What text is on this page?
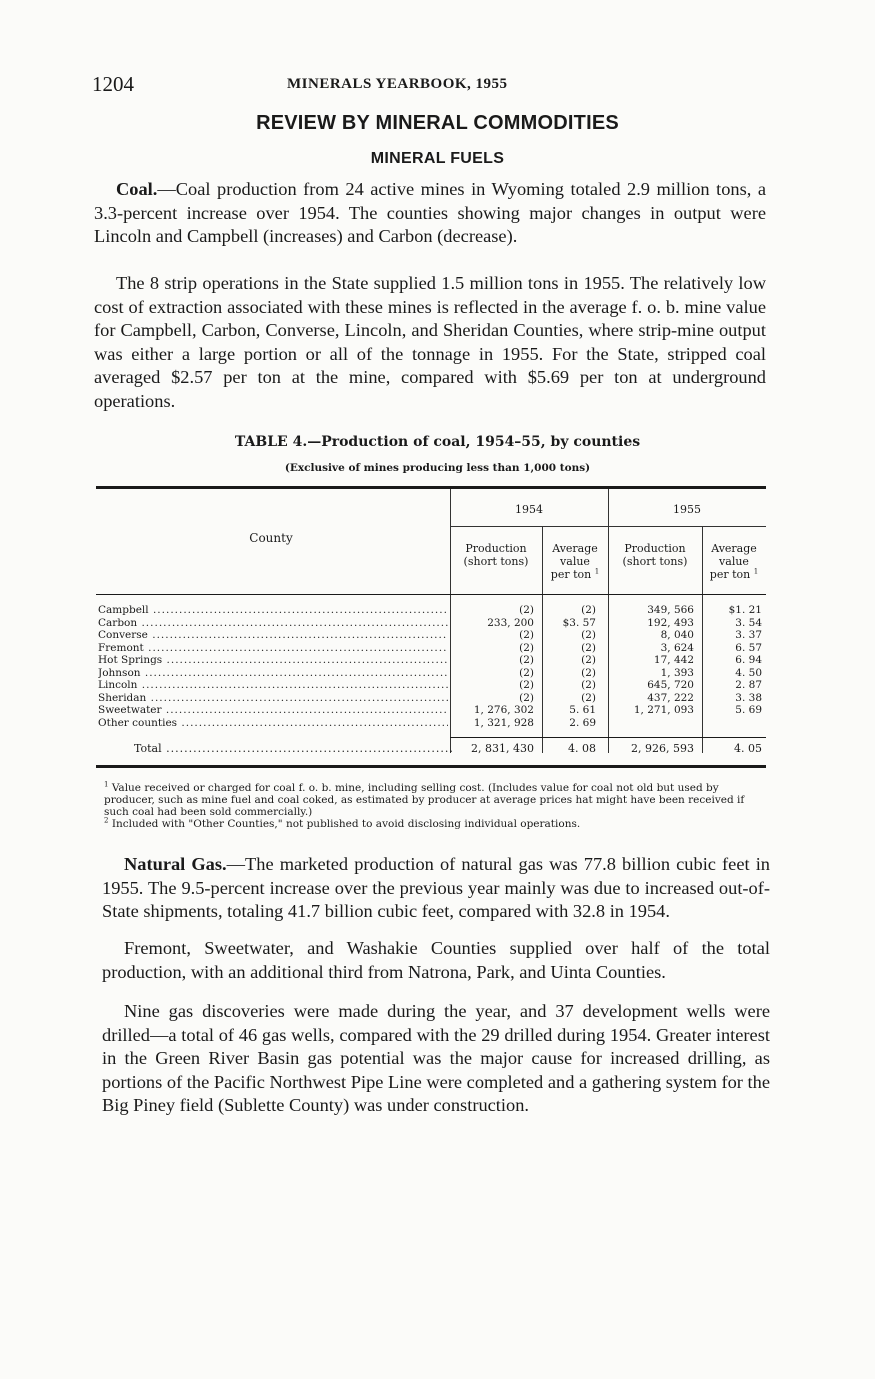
1204	MINERALS YEARBOOK, 1955
REVIEW BY MINERAL COMMODITIES
MINERAL FUELS
Coal.—Coal production from 24 active mines in Wyoming totaled 2.9 million tons, a 3.3-percent increase over 1954. The counties showing major changes in output were Lincoln and Campbell (increases) and Carbon (decrease).
The 8 strip operations in the State supplied 1.5 million tons in 1955. The relatively low cost of extraction associated with these mines is reflected in the average f. o. b. mine value for Campbell, Carbon, Converse, Lincoln, and Sheridan Counties, where strip-mine output was either a large portion or all of the tonnage in 1955. For the State, stripped coal averaged $2.57 per ton at the mine, compared with $5.69 per ton at underground operations.
TABLE 4.—Production of coal, 1954–55, by counties
(Exclusive of mines producing less than 1,000 tons)
County
1954	1955
Production
(short tons)
Average
value
per ton $^1$
Production
(short tons)
Average
value
per ton $^1$
Campbell .....	(2)	(2)	349, 566	$1. 21
Carbon .....	233, 200	$3. 57	192, 493	3. 54
Converse .....	(2)	(2)	8, 040	3. 37
Fremont .....	(2)	(2)	3, 624	6. 57
Hot Springs .....	(2)	(2)	17, 442	6. 94
Johnson .....	(2)	(2)	1, 393	4. 50
Lincoln .....	(2)	(2)	645, 720	2. 87
Sheridan .....	(2)	(2)	437, 222	3. 38
Sweetwater .....	1, 276, 302	5. 61	1, 271, 093	5. 69
Other counties .....	1, 321, 928	2. 69
Total .....	2, 831, 430	4. 08	2, 926, 593	4. 05

$^1$ Value received or charged for coal f. o. b. mine, including selling cost. (Includes value for coal not old but used by producer, such as mine fuel and coal coked, as estimated by producer at average prices hat might have been received if such coal had been sold commercially.)

$^2$ Included with "Other Counties," not published to avoid disclosing individual operations.

Natural Gas.—The marketed production of natural gas was 77.8 billion cubic feet in 1955. The 9.5-percent increase over the previous year mainly was due to increased out-of-State shipments, totaling 41.7 billion cubic feet, compared with 32.8 in 1954.
Fremont, Sweetwater, and Washakie Counties supplied over half of the total production, with an additional third from Natrona, Park, and Uinta Counties.
Nine gas discoveries were made during the year, and 37 development wells were drilled—a total of 46 gas wells, compared with the 29 drilled during 1954. Greater interest in the Green River Basin gas potential was the major cause for increased drilling, as portions of the Pacific Northwest Pipe Line were completed and a gathering system for the Big Piney field (Sublette County) was under construction.
